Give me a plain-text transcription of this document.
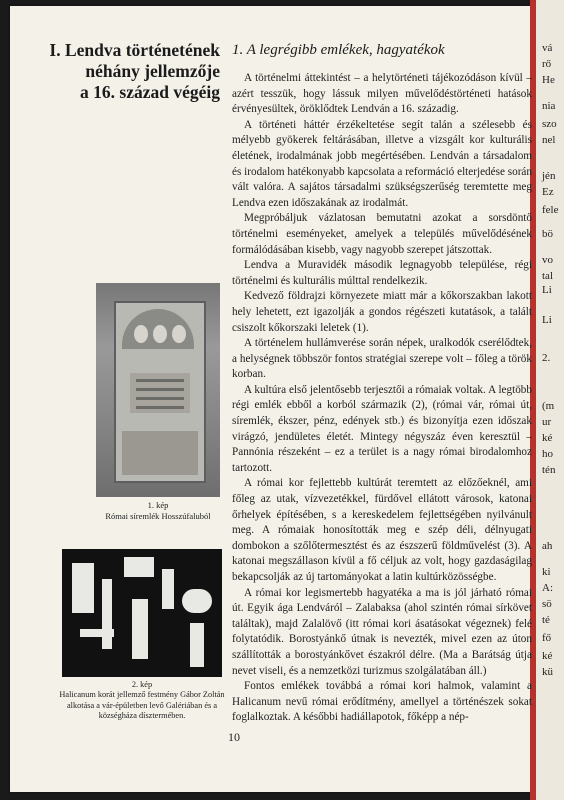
vá
rő
He
nia
szo
nel
jén
Ez
fele
bö
vo
tal
Li
Li
2.
(m
ur
ké
ho
tén
ah
ki
A:
sö
té
fő
ké
kü
I. Lendva történetének
néhány jellemzője
a 16. század végéig
1. A legrégibb emlékek, hagyatékok

A történelmi áttekintést – a helytörténeti tájékozódáson kívül – azért tesszük, hogy lássuk milyen művelődéstörténeti hatások érvényesültek, öröklődtek Lendván a 16. századig.

A történeti háttér érzékeltetése segít talán a szélesebb és mélyebb gyökerek feltárásában, illetve a vizsgált kor kulturális életének, irodalmának jobb megértésében. Lendván a társadalom és irodalom hatékonyabb kapcsolata a reformáció elterjedése során vált valóra. A sajátos társadalmi szükségszerűség teremtette meg Lendva ezen időszakának az irodalmát.

Megpróbáljuk vázlatosan bemutatni azokat a sorsdöntő történelmi eseményeket, amelyek a település művelődésének formálódásában kisebb, vagy nagyobb szerepet játszottak.

Lendva a Muravidék második legnagyobb települése, régi történelmi és kulturális múlttal rendelkezik.

Kedvező földrajzi környezete miatt már a kőkorszakban lakott hely lehetett, ezt igazolják a gondos régészeti kutatások, a talált csiszolt kőkorszaki leletek (1).

A történelem hullámverése során népek, uralkodók cserélődtek, a helységnek többször fontos stratégiai szerepe volt – főleg a török korban.

A kultúra első jelentősebb terjesztői a rómaiak voltak. A legtöbb régi emlék ebből a korból származik (2), (római vár, római út, síremlék, ékszer, pénz, edények stb.) és bizonyítja ezen időszak virágzó, jendületes életét. Mintegy négyszáz éven keresztül – Pannónia részeként – ez a terület is a nagy római birodalomhoz tartozott.

A római kor fejlettebb kultúrát teremtett az előzőeknél, ami főleg az utak, vízvezetékkel, fürdővel ellátott városok, katonai őrhelyek építésében, s a kereskedelem fejlettségében nyilvánult meg. A rómaiak honosították meg e szép déli, délnyugati dombokon a szőlőtermesztést és az észszerű földművelést (3). A katonai megszállason kívül a fő céljuk az volt, hogy gazdaságilag bekapcsolják az új tartományokat a latin kultúrközösségbe.

A római kor legismertebb hagyatéka a ma is jól járható római út. Egyik ága Lendváról – Zalabaksa (ahol szintén római sírkövet találtak), majd Zalalövő (itt római kori ásatásokat végeznek) felé folytatódik. Borostyánkő útnak is nevezték, mivel ezen az úton szállították a borostyánkővet északról délre. (Ma a Barátság útja nevet viseli, és a nemzetközi turizmus szolgálatában áll.)

Fontos emlékek továbbá a római kori halmok, valamint a Halicanum nevű római erődítmény, amellyel a történészek sokat foglalkoztak. A későbbi hadiállapotok, főképp a nép-

1. kép
Római síremlék Hosszúfaluból
2. kép
Halicanum korát jellemző festmény Gábor Zoltán alkotása a vár-épületben levő Galériában és a községháza dísztermében.
10
